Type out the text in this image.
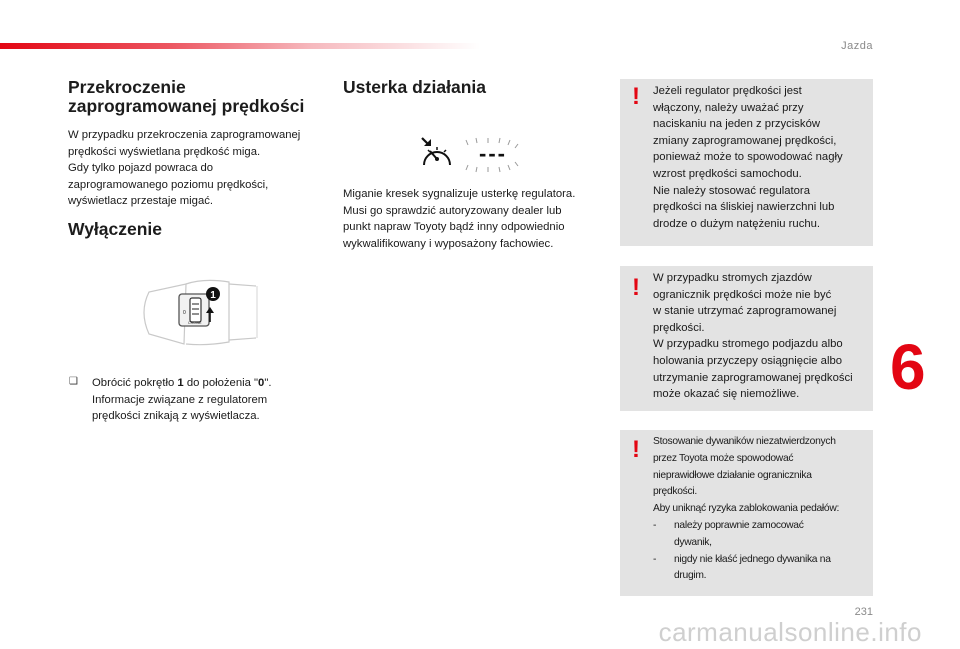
Jazda
Przekroczenie
zaprogramowanej prędkości
W przypadku przekroczenia zaprogramowanej
prędkości wyświetlana prędkość miga.
Gdy tylko pojazd powraca do
zaprogramowanego poziomu prędkości,
wyświetlacz przestaje migać.
Wyłączenie
1
0
CRUISE
❑ Obrócić pokrętło 1 do położenia "0".
Informacje związane z regulatorem
prędkości znikają z wyświetlacza.
Usterka działania
---
Miganie kresek sygnalizuje usterkę regulatora.
Musi go sprawdzić autoryzowany dealer lub
punkt napraw Toyoty bądź inny odpowiednio
wykwalifikowany i wyposażony fachowiec.
! Jeżeli regulator prędkości jest
włączony, należy uważać przy
naciskaniu na jeden z przycisków
zmiany zaprogramowanej prędkości,
ponieważ może to spowodować nagły
wzrost prędkości samochodu.
Nie należy stosować regulatora
prędkości na śliskiej nawierzchni lub
drodze o dużym natężeniu ruchu.
! W przypadku stromych zjazdów
ogranicznik prędkości może nie być
w stanie utrzymać zaprogramowanej
prędkości.
W przypadku stromego podjazdu albo
holowania przyczepy osiągnięcie albo
utrzymanie zaprogramowanej prędkości
może okazać się niemożliwe.
! Stosowanie dywaników niezatwierdzonych
przez Toyota może spowodować
nieprawidłowe działanie ogranicznika
prędkości.
Aby uniknąć ryzyka zablokowania pedałów:
- należy poprawnie zamocować
dywanik,
- nigdy nie kłaść jednego dywanika na
drugim.
6
231
carmanualsonline.info
